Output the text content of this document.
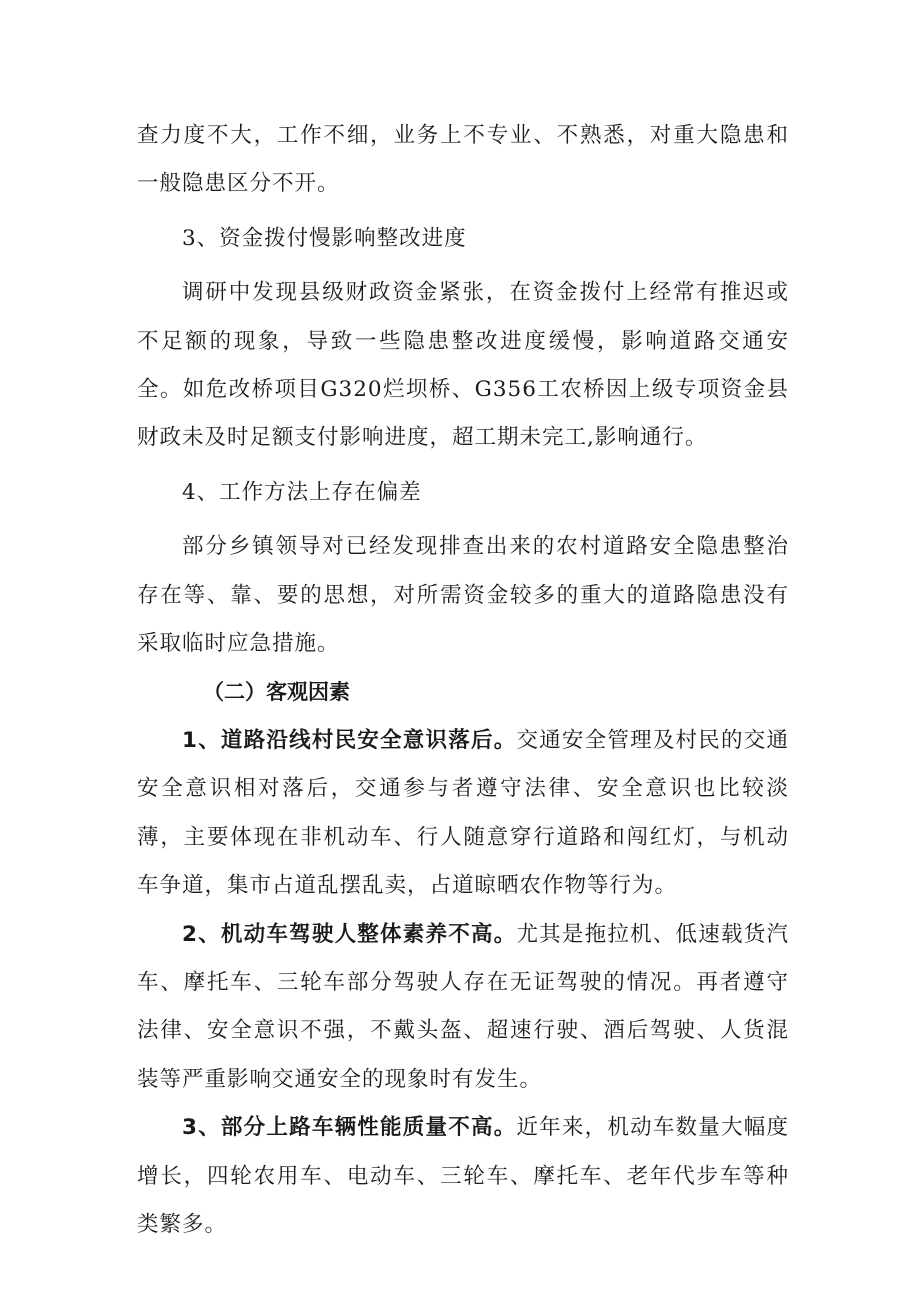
查力度不大，工作不细，业务上不专业、不熟悉，对重大隐患和一般隐患区分不开。

3、资金拨付慢影响整改进度

调研中发现县级财政资金紧张，在资金拨付上经常有推迟或不足额的现象，导致一些隐患整改进度缓慢，影响道路交通安全。如危改桥项目G320烂坝桥、G356工农桥因上级专项资金县财政未及时足额支付影响进度，超工期未完工,影响通行。

4、工作方法上存在偏差

部分乡镇领导对已经发现排查出来的农村道路安全隐患整治存在等、靠、要的思想，对所需资金较多的重大的道路隐患没有采取临时应急措施。

（二）客观因素

1、道路沿线村民安全意识落后。交通安全管理及村民的交通安全意识相对落后，交通参与者遵守法律、安全意识也比较淡薄，主要体现在非机动车、行人随意穿行道路和闯红灯，与机动车争道，集市占道乱摆乱卖，占道晾晒农作物等行为。

2、机动车驾驶人整体素养不高。尤其是拖拉机、低速载货汽车、摩托车、三轮车部分驾驶人存在无证驾驶的情况。再者遵守法律、安全意识不强，不戴头盔、超速行驶、酒后驾驶、人货混装等严重影响交通安全的现象时有发生。

3、部分上路车辆性能质量不高。近年来，机动车数量大幅度增长，四轮农用车、电动车、三轮车、摩托车、老年代步车等种类繁多。
